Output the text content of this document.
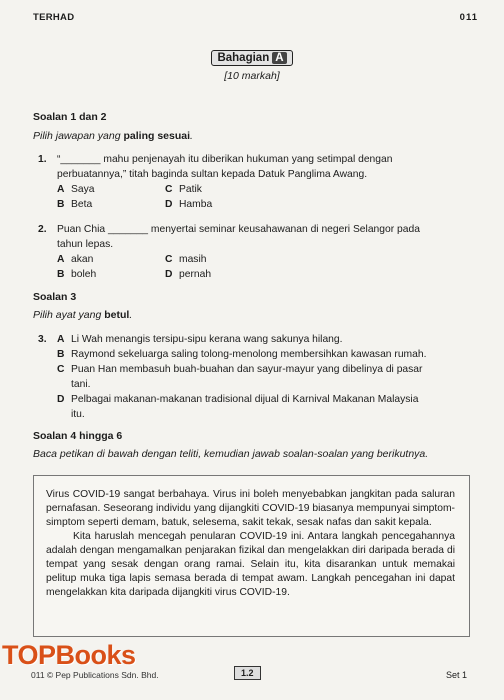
TERHAD	011
Bahagian A
[10 markah]
Soalan 1 dan 2
Pilih jawapan yang paling sesuai.
1.	“_______ mahu penjenayah itu diberikan hukuman yang setimpal dengan
perbuatannya,” titah baginda sultan kepada Datuk Panglima Awang.
A Saya	C Patik
B Beta	D Hamba
2.	Puan Chia _______ menyertai seminar keusahawanan di negeri Selangor pada
tahun lepas.
A akan	C masih
B boleh	D pernah
Soalan 3
Pilih ayat yang betul.
3.	A Li Wah menangis tersipu-sipu kerana wang sakunya hilang.
B Raymond sekeluarga saling tolong-menolong membersihkan kawasan rumah.
C Puan Han membasuh buah-buahan dan sayur-mayur yang dibelinya di pasar
tani.
D Pelbagai makanan-makanan tradisional dijual di Karnival Makanan Malaysia
itu.
Soalan 4 hingga 6
Baca petikan di bawah dengan teliti, kemudian jawab soalan-soalan yang berikutnya.

Virus COVID-19 sangat berbahaya. Virus ini boleh menyebabkan jangkitan pada saluran pernafasan. Seseorang individu yang dijangkiti COVID-19 biasanya mempunyai simptom-simptom seperti demam, batuk, selesema, sakit tekak, sesak nafas dan sakit kepala.

Kita haruslah mencegah penularan COVID-19 ini. Antara langkah pencegahannya adalah dengan mengamalkan penjarakan fizikal dan mengelakkan diri daripada berada di tempat yang sesak dengan orang ramai. Selain itu, kita disarankan untuk memakai pelitup muka tiga lapis semasa berada di tempat awam. Langkah pencegahan ini dapat mengelakkan kita daripada dijangkiti virus COVID-19.

TOPBooks
011 © Pep Publications Sdn. Bhd.	1.2	Set 1
